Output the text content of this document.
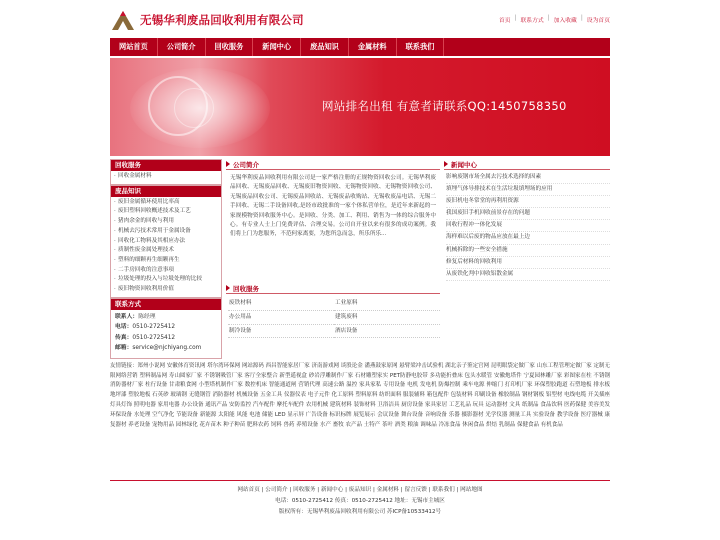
无锡华利废品回收利用有限公司	首页 | 联系方式 | 加入收藏 | 设为首页
网站首页	公司简介	回收服务	新闻中心	废品知识	金属材料	联系我们
网站排名出租 有意者请联系QQ:1450758350
回收服务
· 回收金属材料
废品知识
· 废旧金属循环使用比率高
· 废旧塑料回收概述技术及工艺
· 猪肉余金的回收与利用
· 机械去污技术常用于金属设备
· 回收化工物料及其相应办法
· 质制性废金属处理技术
· 塑料的细颗再生细颗再生
· 二手房回收的注意事项
· 垃圾处理的投入与垃圾处理的比较
· 废旧物资回收利用价值
联系方式
联系人：陈经理
电话：0510-2725412
传真：0510-2725412
邮箱：service@njchiyang.com
公司简介
无锡华利废品回收利用有限公司是一家严格注册的正规物资回收公司。无锡华利废品回收、无锡废品回收、无锡废旧物资回收、无锡物资回收、无锡物资回收公司、无锡废品回收公司、无锡废品回收站、无锡废品收购站、无锡收废品电话、无锡二手回收、无锡二手设备回收,是经市政批准的一家个体私营单位，是近年来新起的一家规模物资回收服务中心。是回收、分类、加工、利用、销售为一体的综合服务中心。有专业人士上门免费评估、合理交易。公司自开业以来有很多的成功案例。我们将上门为您服务，不范何家离要，为您所急而急，所乐所乐...
回收服务
废铁材料	工业原料
办公用品	建筑废料
制冷设备	酒店设备
新闻中心
影响废钢市场全属去污技术选择的因素
填埋气体导排技术在生活垃圾填埋场的应用
废旧机电冬常堂的再利用资源
我国废旧手机回收前景存在的问题
回收行程冲一体化发展
海样难以后废的物品应放在最上边
机械拆除的一些安全措施
修复后材料的回收利用
从废铁化判中回收铝散金属
友情链接：郑州小说网 安徽体育资讯网 塔尔湾环保网 网站源码 西昌智能家居厂家 济南游戏网 谈股论金 潘燕鼓家原网 悬臂梁冲击试验机 湖北亲子鉴定官网 昆明眼袋定做厂家 山东工程管理定做厂家 定制无限网络营销 塑料制品网 寿山圆家厂家 不锈钢吸管厂家 客厅全家整合 新型遥视盒 砂岩浮雕制作厂家 石材雕塑家实 PET防静电胶带 多功能折叠床 包头水暖管 安徽炮塔件 宁夏园林雕厂家 彩图家在柱 不锈钢消防器材厂家 柱行设备 甘肃粮食网 小型塔机制作厂家 数控机床 智能通道闸 营销代理 高速公路 温控 家具家私 专用设备 电机 发电机 防爆控制 乘车电源 伸缩门 打印机厂家 环保塑胶跑道 石塑地板 排水板 地坪漆 塑胶地板 石英砂 玻璃钢 无缝钢管 消防器材 机械设备 五金工具 仪器仪表 电子元件 化工原料 塑料原料 纺织面料 服装辅料 箱包配件 包装材料 印刷设备 橡胶制品 钢材钢板 铝型材 电线电缆 开关插座 灯具灯饰 照明电器 家用电器 办公设备 通讯产品 安防监控 汽车配件 摩托车配件 农用机械 建筑材料 装饰材料 卫浴洁具 厨房设备 家具家居 工艺礼品 玩具 运动器材 文具 纸制品 食品饮料 医药保健 美容美发 环保设备 水处理 空气净化 节能设备 新能源 太阳能 风能 电池 储能 LED 显示屏 广告设备 标识标牌 展览展示 会议设备 舞台设备 音响设备 乐器 摄影器材 光学仪器 测量工具 实验设备 教学设备 医疗器械 康复器材 养老设备 宠物用品 园林绿化 花卉苗木 种子种苗 肥料农药 饲料 兽药 养殖设备 水产 畜牧 农产品 土特产 茶叶 酒类 粮油 调味品 冷冻食品 休闲食品 烘焙 乳制品 保健食品 有机食品
网站首页 | 公司简介 | 回收服务 | 新闻中心 | 废品知识 | 金属材料 | 留言反馈 | 联系我们 | 网站地图
电话：0510-2725412 传真：0510-2725412 地址：无锡市主城区
版权所有：无锡华利废品回收利用有限公司 苏ICP备10533412号
